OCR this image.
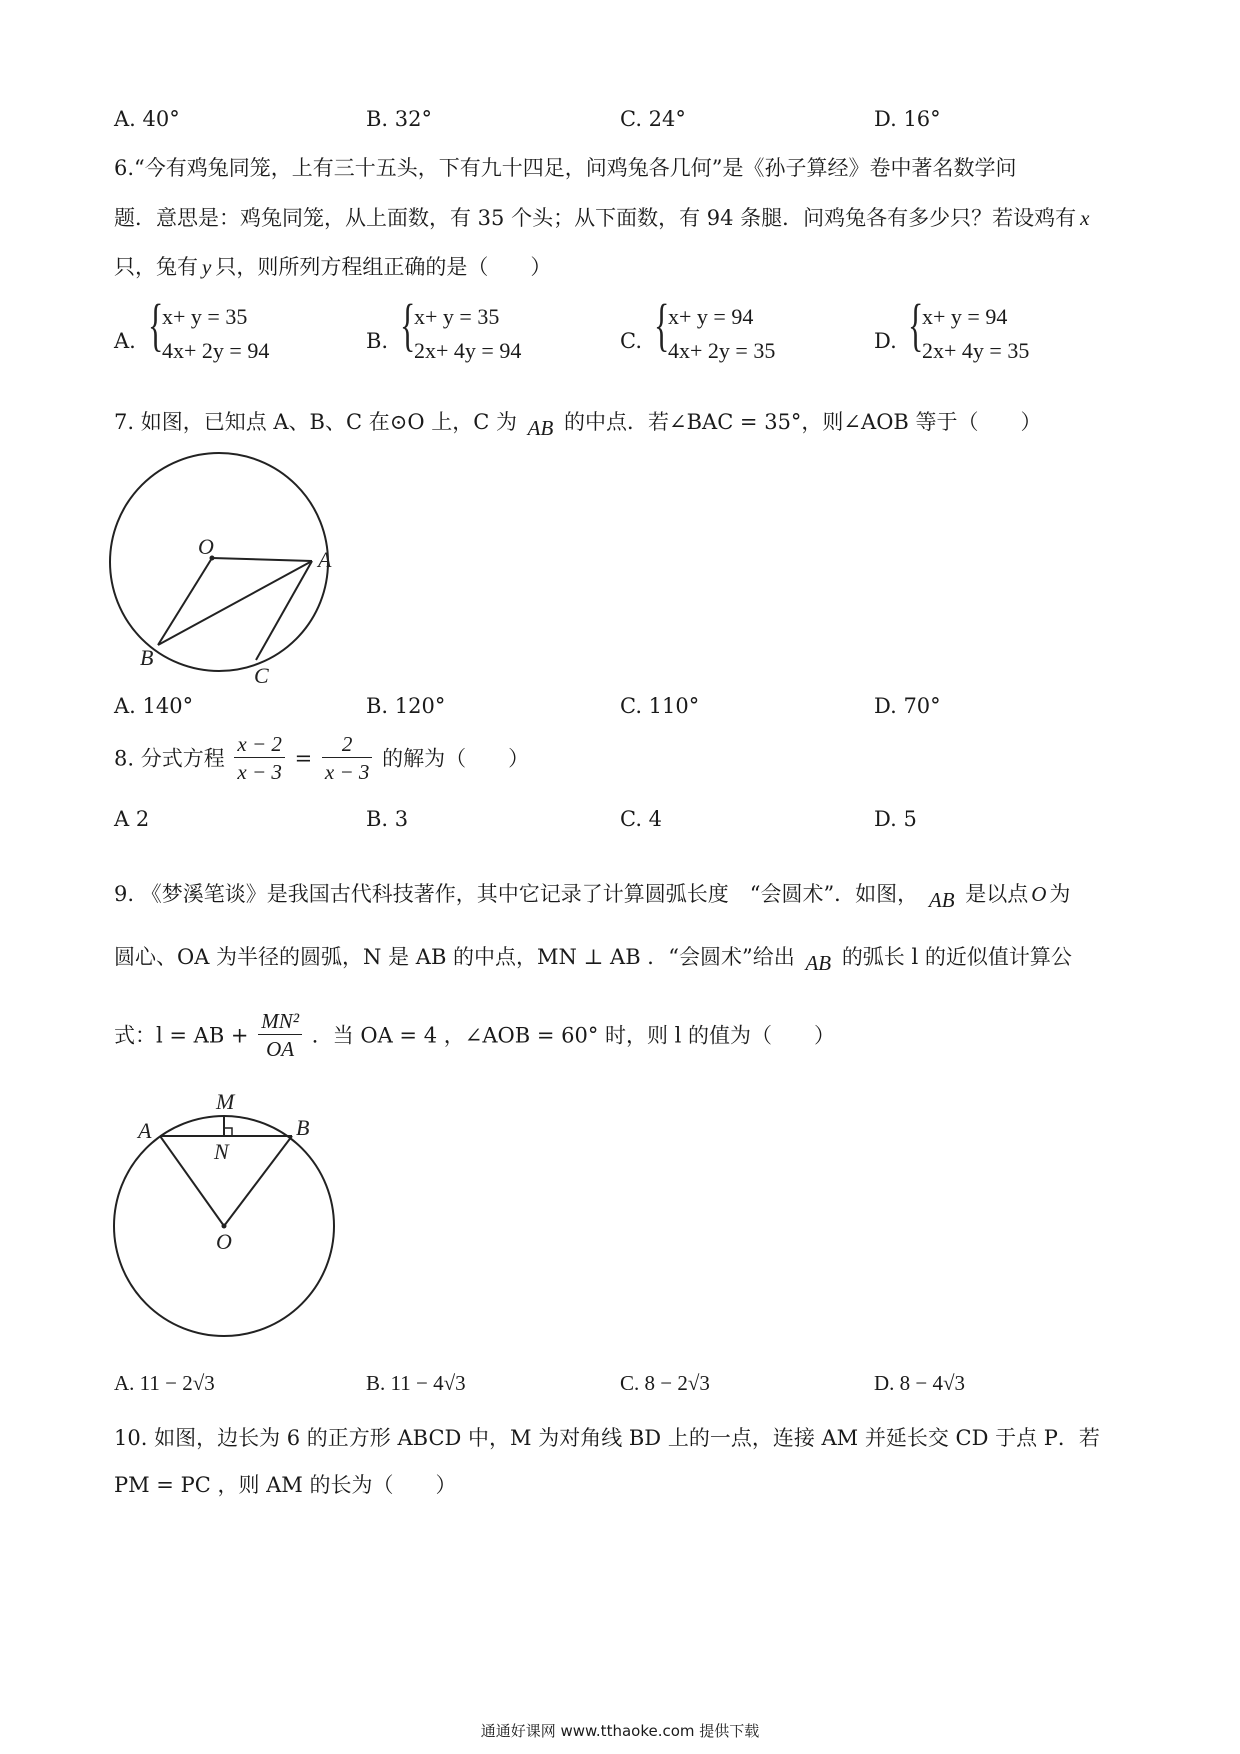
A. 40°	B. 32°	C. 24°	D. 16°
6.“今有鸡兔同笼，上有三十五头，下有九十四足，问鸡兔各几何”是《孙子算经》卷中著名数学问
题．意思是：鸡兔同笼，从上面数，有 35 个头；从下面数，有 94 条腿．问鸡兔各有多少只？若设鸡有 x
只，兔有 y 只，则所列方程组正确的是（　　）
A. {
x+ y = 35
4x+ 2y = 94	B. {
x+ y = 35
2x+ 4y = 94	C. {
x+ y = 94
4x+ 2y = 35	D. {
x+ y = 94
2x+ 4y = 35
7. 如图，已知点 A、B、C 在⊙O 上，C 为 AB 的中点．若∠BAC = 35°，则∠AOB 等于（　　）
O
A
B
C
A. 140°	B. 120°	C. 110°	D. 70°
8. 分式方程 $\frac{x - 2}{x - 3} = \frac{2}{x - 3}$ 的解为（　　）
A 2	B. 3	C. 4	D. 5
9. 《梦溪笔谈》是我国古代科技著作，其中它记录了计算圆弧长度　“会圆术”．如图， AB 是以点 O 为
圆心、OA 为半径的圆弧，N 是 AB 的中点，MN ⊥ AB ．“会圆术”给出 AB 的弧长 l 的近似值计算公
式：l = AB + $\frac{\text{MN²}}{OA}$ ．当 OA = 4 ，∠AOB = 60° 时，则 l 的值为（　　）
M
A	B
N
O
A. 11 − 2√3	B. 11 − 4√3	C. 8 − 2√3	D. 8 − 4√3
10. 如图，边长为 6 的正方形 ABCD 中，M 为对角线 BD 上的一点，连接 AM 并延长交 CD 于点 P．若
PM = PC ，则 AM 的长为（　　）
通通好课网 www.tthaoke.com 提供下载
